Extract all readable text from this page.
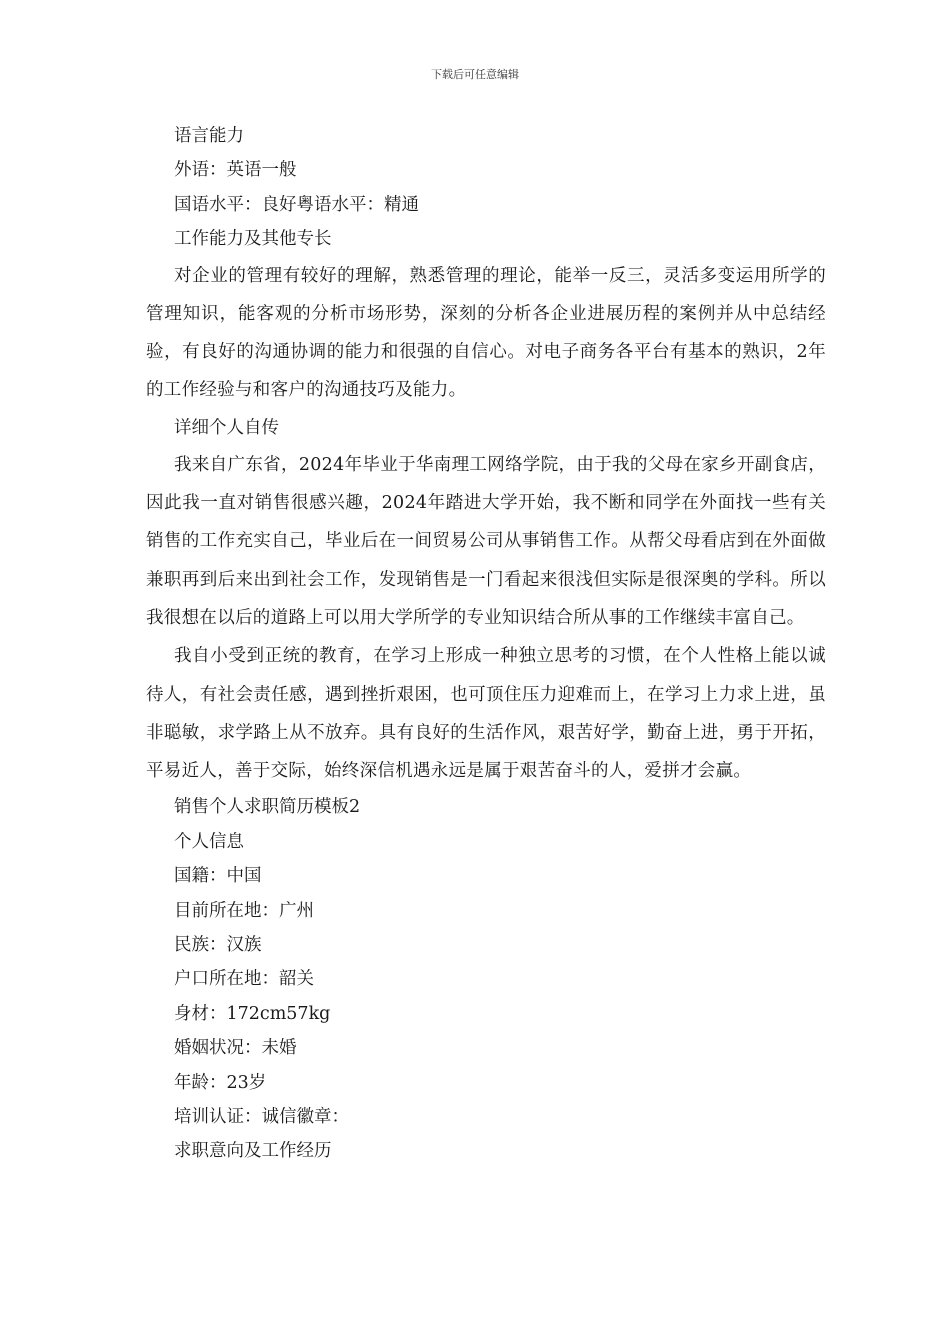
下载后可任意编辑
语言能力
外语：英语一般
国语水平：良好粤语水平：精通
工作能力及其他专长

对企业的管理有较好的理解，熟悉管理的理论，能举一反三，灵活多变运用所学的管理知识，能客观的分析市场形势，深刻的分析各企业进展历程的案例并从中总结经验，有良好的沟通协调的能力和很强的自信心。对电子商务各平台有基本的熟识，2年的工作经验与和客户的沟通技巧及能力。

详细个人自传

我来自广东省，2024年毕业于华南理工网络学院，由于我的父母在家乡开副食店，因此我一直对销售很感兴趣，2024年踏进大学开始，我不断和同学在外面找一些有关销售的工作充实自己，毕业后在一间贸易公司从事销售工作。从帮父母看店到在外面做兼职再到后来出到社会工作，发现销售是一门看起来很浅但实际是很深奥的学科。所以我很想在以后的道路上可以用大学所学的专业知识结合所从事的工作继续丰富自己。

我自小受到正统的教育，在学习上形成一种独立思考的习惯，在个人性格上能以诚待人，有社会责任感，遇到挫折艰困，也可顶住压力迎难而上，在学习上力求上进，虽非聪敏，求学路上从不放弃。具有良好的生活作风，艰苦好学，勤奋上进，勇于开拓，平易近人，善于交际，始终深信机遇永远是属于艰苦奋斗的人，爱拼才会赢。

销售个人求职简历模板2
个人信息
国籍：中国
目前所在地：广州
民族：汉族
户口所在地：韶关
身材：172cm57kg
婚姻状况：未婚
年龄：23岁
培训认证：诚信徽章：
求职意向及工作经历
